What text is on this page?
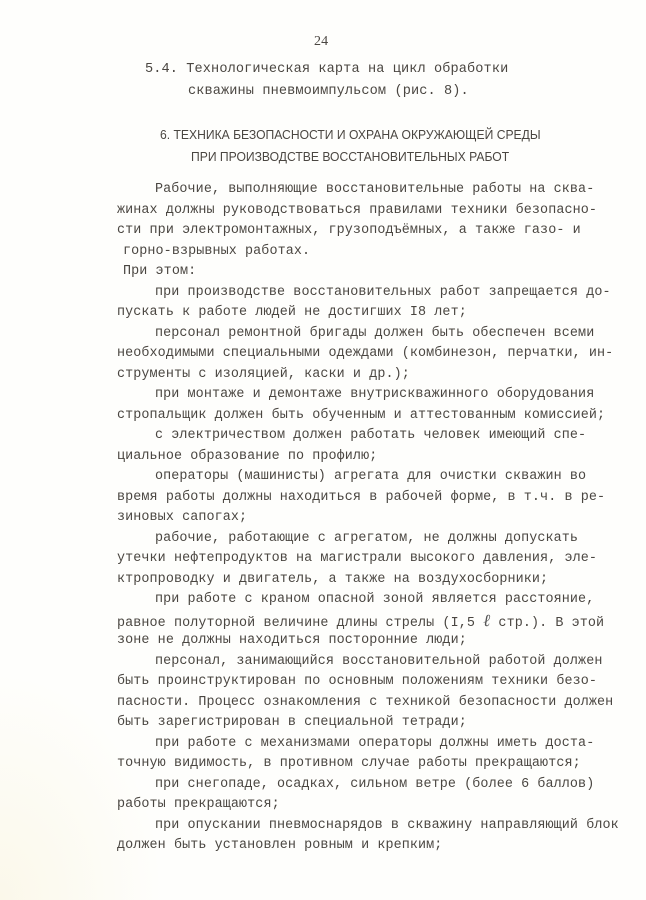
24
5.4. Технологическая карта на цикл обработки
скважины пневмоимпульсом (рис. 8).
6. ТЕХНИКА БЕЗОПАСНОСТИ И ОХРАНА ОКРУЖАЮЩЕЙ СРЕДЫ
ПРИ ПРОИЗВОДСТВЕ ВОССТАНОВИТЕЛЬНЫХ РАБОТ
Рабочие, выполняющие восстановительные работы на сква-
жинах должны руководствоваться правилами техники безопасно-
сти при электромонтажных, грузоподъёмных, а также газо- и
горно-взрывных работах.
При этом:
при производстве восстановительных работ запрещается до-
пускать к работе людей не достигших I8 лет;
персонал ремонтной бригады должен быть обеспечен всеми
необходимыми специальными одеждами (комбинезон, перчатки, ин-
струменты с изоляцией, каски и др.);
при монтаже и демонтаже внутрискважинного оборудования
стропальщик должен быть обученным и аттестованным комиссией;
с электричеством должен работать человек имеющий спе-
циальное образование по профилю;
операторы (машинисты) агрегата для очистки скважин во
время работы должны находиться в рабочей форме, в т.ч. в ре-
зиновых сапогах;
рабочие, работающие с агрегатом, не должны допускать
утечки нефтепродуктов на магистрали высокого давления, эле-
ктропроводку и двигатель, а также на воздухосборники;
при работе с краном опасной зоной является расстояние,
равное полуторной величине длины стрелы (I,5 ℓ стр.). В этой
зоне не должны находиться посторонние люди;
персонал, занимающийся восстановительной работой должен
быть проинструктирован по основным положениям техники безо-
пасности. Процесс ознакомления с техникой безопасности должен
быть зарегистрирован в специальной тетради;
при работе с механизмами операторы должны иметь доста-
точную видимость, в противном случае работы прекращаются;
при снегопаде, осадках, сильном ветре (более 6 баллов)
работы прекращаются;
при опускании пневмоснарядов в скважину направляющий блок
должен быть установлен ровным и крепким;
